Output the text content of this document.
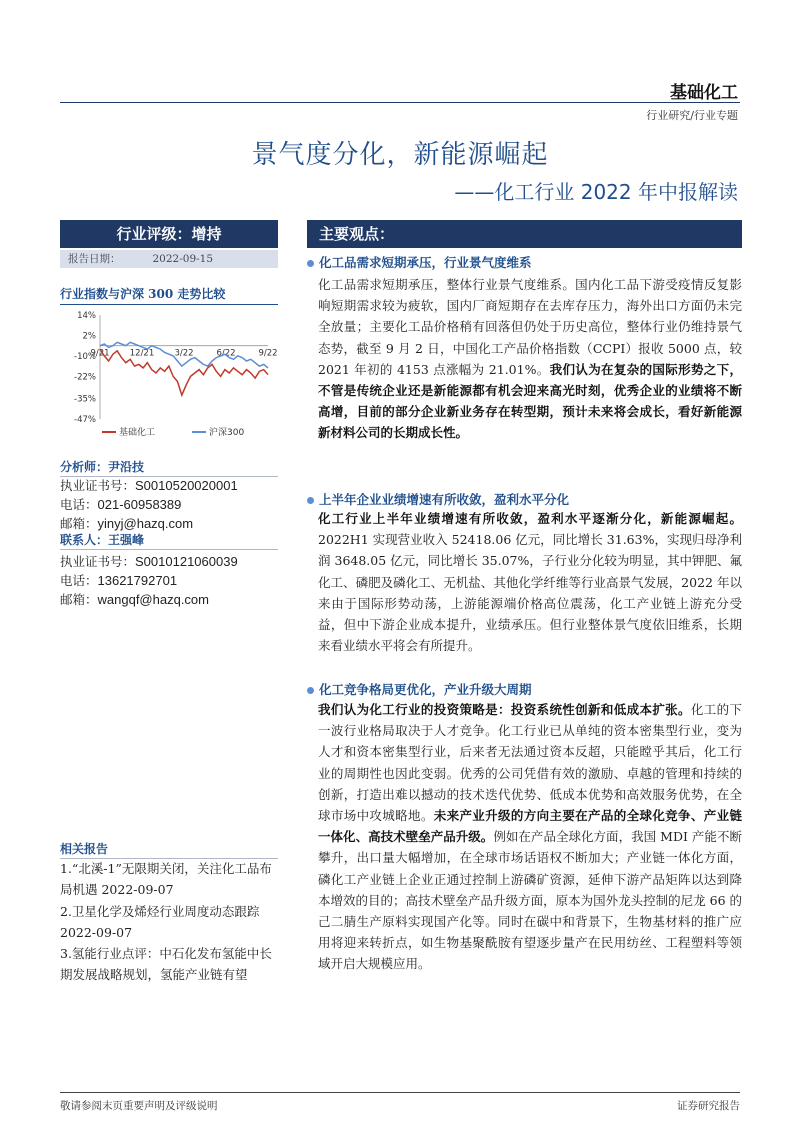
基础化工
行业研究/行业专题
景气度分化，新能源崛起
——化工行业 2022 年中报解读
行业评级：增持
报告日期：	2022-09-15
行业指数与沪深 300 走势比较
14%
2%
-10%
-22%
-35%
-47%
9/21 12/21 3/22	6/22	9/22
基础化工	沪深300
分析师：尹沿技
执业证书号：S0010520020001
电话：021-60958389
邮箱：yinyj@hazq.com
联系人：王强峰
执业证书号：S0010121060039
电话：13621792701
邮箱：wangqf@hazq.com
相关报告
1.“北溪-1”无限期关闭，关注化工品布局机遇 2022-09-07
2.卫星化学及烯烃行业周度动态跟踪 2022-09-07
3.氢能行业点评：中石化发布氢能中长期发展战略规划，氢能产业链有望
主要观点：
化工品需求短期承压，行业景气度维系
化工品需求短期承压，整体行业景气度维系。国内化工品下游受疫情反复影响短期需求较为疲软，国内厂商短期存在去库存压力，海外出口方面仍未完全放量；主要化工品价格稍有回落但仍处于历史高位，整体行业仍维持景气态势，截至 9 月 2 日，中国化工产品价格指数（CCPI）报收 5000 点，较 2021 年初的 4153 点涨幅为 21.01%。我们认为在复杂的国际形势之下，不管是传统企业还是新能源都有机会迎来高光时刻，优秀企业的业绩将不断高增，目前的部分企业新业务存在转型期，预计未来将会成长，看好新能源新材料公司的长期成长性。
上半年企业业绩增速有所收敛，盈利水平分化
化工行业上半年业绩增速有所收敛，盈利水平逐渐分化，新能源崛起。2022H1 实现营业收入 52418.06 亿元，同比增长 31.63%，实现归母净利润 3648.05 亿元，同比增长 35.07%，子行业分化较为明显，其中钾肥、氟化工、磷肥及磷化工、无机盐、其他化学纤维等行业高景气发展，2022 年以来由于国际形势动荡，上游能源端价格高位震荡，化工产业链上游充分受益，但中下游企业成本提升，业绩承压。但行业整体景气度依旧维系，长期来看业绩水平将会有所提升。
化工竞争格局更优化，产业升级大周期
我们认为化工行业的投资策略是：投资系统性创新和低成本扩张。化工的下一波行业格局取决于人才竞争。化工行业已从单纯的资本密集型行业，变为人才和资本密集型行业，后来者无法通过资本反超，只能瞠乎其后，化工行业的周期性也因此变弱。优秀的公司凭借有效的激励、卓越的管理和持续的创新，打造出难以撼动的技术迭代优势、低成本优势和高效服务优势，在全球市场中攻城略地。未来产业升级的方向主要在产品的全球化竞争、产业链一体化、高技术壁垒产品升级。例如在产品全球化方面，我国 MDI 产能不断攀升，出口量大幅增加，在全球市场话语权不断加大；产业链一体化方面，磷化工产业链上企业正通过控制上游磷矿资源，延伸下游产品矩阵以达到降本增效的目的；高技术壁垒产品升级方面，原本为国外龙头控制的尼龙 66 的己二腈生产原料实现国产化等。同时在碳中和背景下，生物基材料的推广应用将迎来转折点，如生物基聚酰胺有望逐步量产在民用纺丝、工程塑料等领域开启大规模应用。
敬请参阅末页重要声明及评级说明	证券研究报告
